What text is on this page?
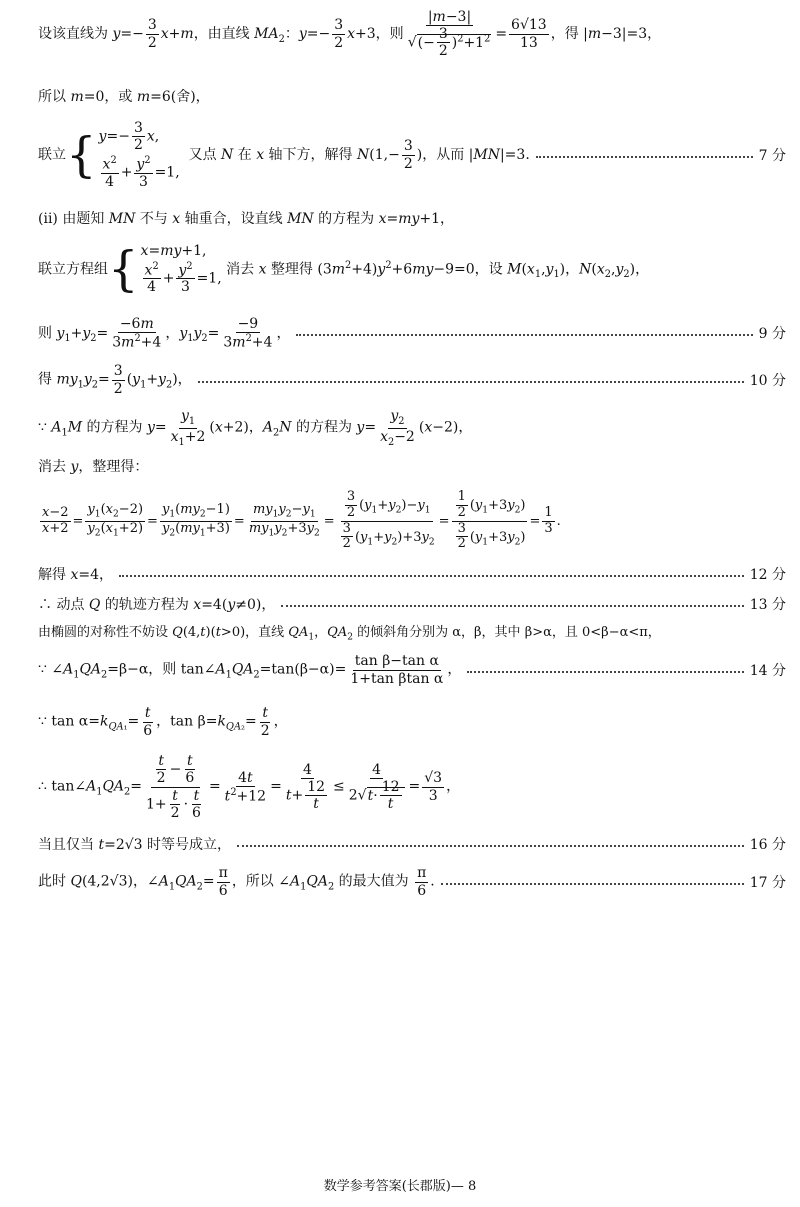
设该直线为 $y=- \frac{3}{2} x+m$，由直线 $MA_2$：$y=- \frac{3}{2} x+3$，则 $\frac{|m-3|}{√(- \frac{3}{2} )^2+1^2} = \frac{6√13}{13}$ ，得 |m−3|=3，
所以 m=0，或 m=6(舍)，
联立 { $y=- \frac{3}{2} x$,
$\frac{x^2}{4} + \frac{y^2}{3} =1$,
又点 N 在 x 轴下方，解得 $N(1,- \frac{3}{2}$ )，从而 |MN|=3.	7 分
(ⅱ) 由题知 MN 不与 x 轴重合，设直线 MN 的方程为 x=my+1，
联立方程组 { x=my+1,
$\frac{x^2}{4} + \frac{y^2}{3} =1$,
消去 x 整理得 $(3m^2+4)y^2+6my-9=0$，设 $M(x_1,y_1)$，$N(x_2,y_2)$，
则 $y_1+y_2= \frac{-6m}{3m^2+4}$ ，$y_1y_2= \frac{-9}{3m^2+4}$ ，	9 分
得 $my_1y_2= \frac{3}{2} (y_1+y_2)$，	10 分
∵ $A_1M$ 的方程为 $y= \frac{y_1}{x_1+2} (x+2)$，$A_2N$ 的方程为 $y= \frac{y_2}{x_2-2} (x-2)$，
消去 y，整理得：
$\frac{x-2}{x+2} = \frac{y_1(x_2-2)}{y_2(x_1+2)} = \frac{y_1(my_2-1)}{y_2(my_1+3)} = \frac{my_1y_2-y_1}{my_1y_2+3y_2} = \frac{\frac{3}{2} (y_1+y_2)-y_1}{\frac{3}{2} (y_1+y_2)+3y_2} = \frac{\frac{1}{2} (y_1+3y_2)}{\frac{3}{2} (y_1+3y_2)} = \frac{1}{3}$ .
解得 x=4，	12 分
∴ 动点 Q 的轨迹方程为 x=4(y≠0)，	13 分
由椭圆的对称性不妨设 Q(4,t)(t>0)，直线 $QA_1$，$QA_2$ 的倾斜角分别为 α，β，其中 β>α，且 0<β−α<π，
∵ $\angle A_1QA_2=\beta-\alpha$，则 $\tan\angle A_1QA_2=\tan(\beta-\alpha)= \frac{\text{tan β−tan α}}{\text{1+tan βtan α}}$ ，	14 分
∵ $\tan \alpha=k_{QA_1}= \frac{t}{6}$ ，$\tan \beta=k_{QA_2}= \frac{t}{2}$ ，
∴ $\tan\angle A_1QA_2= \frac{\frac{t}{2} - \frac{t}{6}}{1+ \frac{t}{2} \cdot \frac{t}{6}} = \frac{4t}{t^2+12} = \frac{4}{t+ \frac{12}{t}} \le \frac{4}{2√t\cdot \frac{12}{t}} = \frac{√3}{3}$ ，
当且仅当 t=2√3 时等号成立，	16 分
此时 Q(4,2√3)，$\angle A_1QA_2= \frac{\pi}{6}$ ，所以 $\angle A_1QA_2$ 的最大值为 $\frac{\pi}{6}$ .	17 分
数学参考答案(长郡版)— 8
